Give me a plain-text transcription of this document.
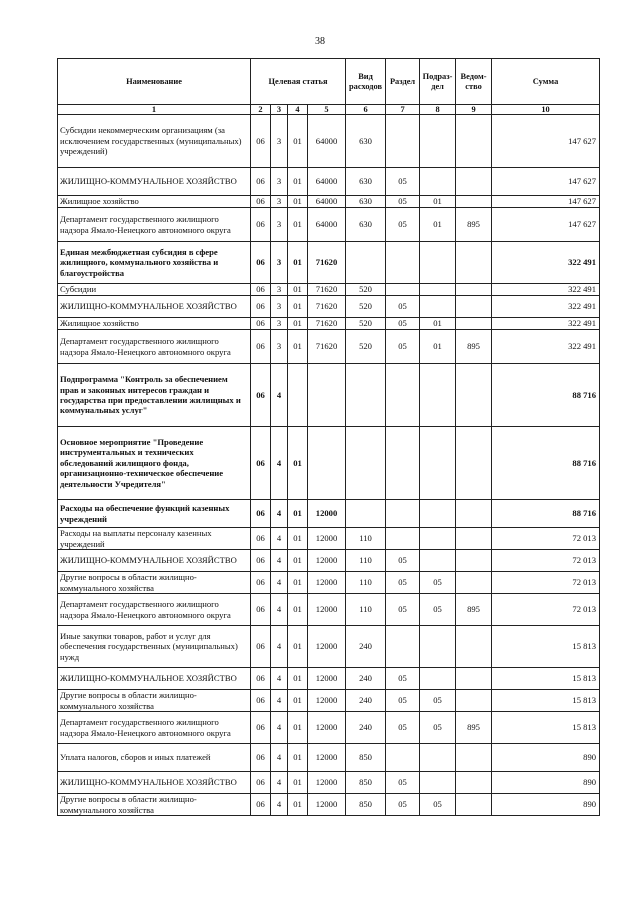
38
Наименование	Целевая статья				Вид расходов	Раздел	Подраз-дел	Ведом-ство	Сумма
1	2	3	4	5	6	7	8	9	10
Субсидии некоммерческим организациям (за исключением государственных (муниципальных) учреждений)	06	3	01	64000	630				147 627
ЖИЛИЩНО-КОММУНАЛЬНОЕ ХОЗЯЙСТВО	06	3	01	64000	630	05			147 627
Жилищное хозяйство	06	3	01	64000	630	05	01		147 627
Департамент государственного жилищного надзора Ямало-Ненецкого автономного округа	06	3	01	64000	630	05	01	895	147 627
Единая межбюджетная субсидия в сфере жилищного, коммунального хозяйства и благоустройства	06	3	01	71620					322 491
Субсидии	06	3	01	71620	520				322 491
ЖИЛИЩНО-КОММУНАЛЬНОЕ ХОЗЯЙСТВО	06	3	01	71620	520	05			322 491
Жилищное хозяйство	06	3	01	71620	520	05	01		322 491
Департамент государственного жилищного надзора Ямало-Ненецкого автономного округа	06	3	01	71620	520	05	01	895	322 491
Подпрограмма "Контроль за обеспечением прав и законных интересов граждан и государства при предоставлении жилищных и коммунальных услуг"	06	4							88 716
Основное мероприятие "Проведение инструментальных и технических обследований жилищного фонда, организационно-техническое обеспечение деятельности Учредителя"	06	4	01						88 716
Расходы на обеспечение функций казенных учреждений	06	4	01	12000					88 716
Расходы на выплаты персоналу казенных учреждений	06	4	01	12000	110				72 013
ЖИЛИЩНО-КОММУНАЛЬНОЕ ХОЗЯЙСТВО	06	4	01	12000	110	05			72 013
Другие вопросы в области жилищно-коммунального хозяйства	06	4	01	12000	110	05	05		72 013
Департамент государственного жилищного надзора Ямало-Ненецкого автономного округа	06	4	01	12000	110	05	05	895	72 013
Иные закупки товаров, работ и услуг для обеспечения государственных (муниципальных) нужд	06	4	01	12000	240				15 813
ЖИЛИЩНО-КОММУНАЛЬНОЕ ХОЗЯЙСТВО	06	4	01	12000	240	05			15 813
Другие вопросы в области жилищно-коммунального хозяйства	06	4	01	12000	240	05	05		15 813
Департамент государственного жилищного надзора Ямало-Ненецкого автономного округа	06	4	01	12000	240	05	05	895	15 813
Уплата налогов, сборов и иных платежей	06	4	01	12000	850				890
ЖИЛИЩНО-КОММУНАЛЬНОЕ ХОЗЯЙСТВО	06	4	01	12000	850	05			890
Другие вопросы в области жилищно-коммунального хозяйства	06	4	01	12000	850	05	05		890
